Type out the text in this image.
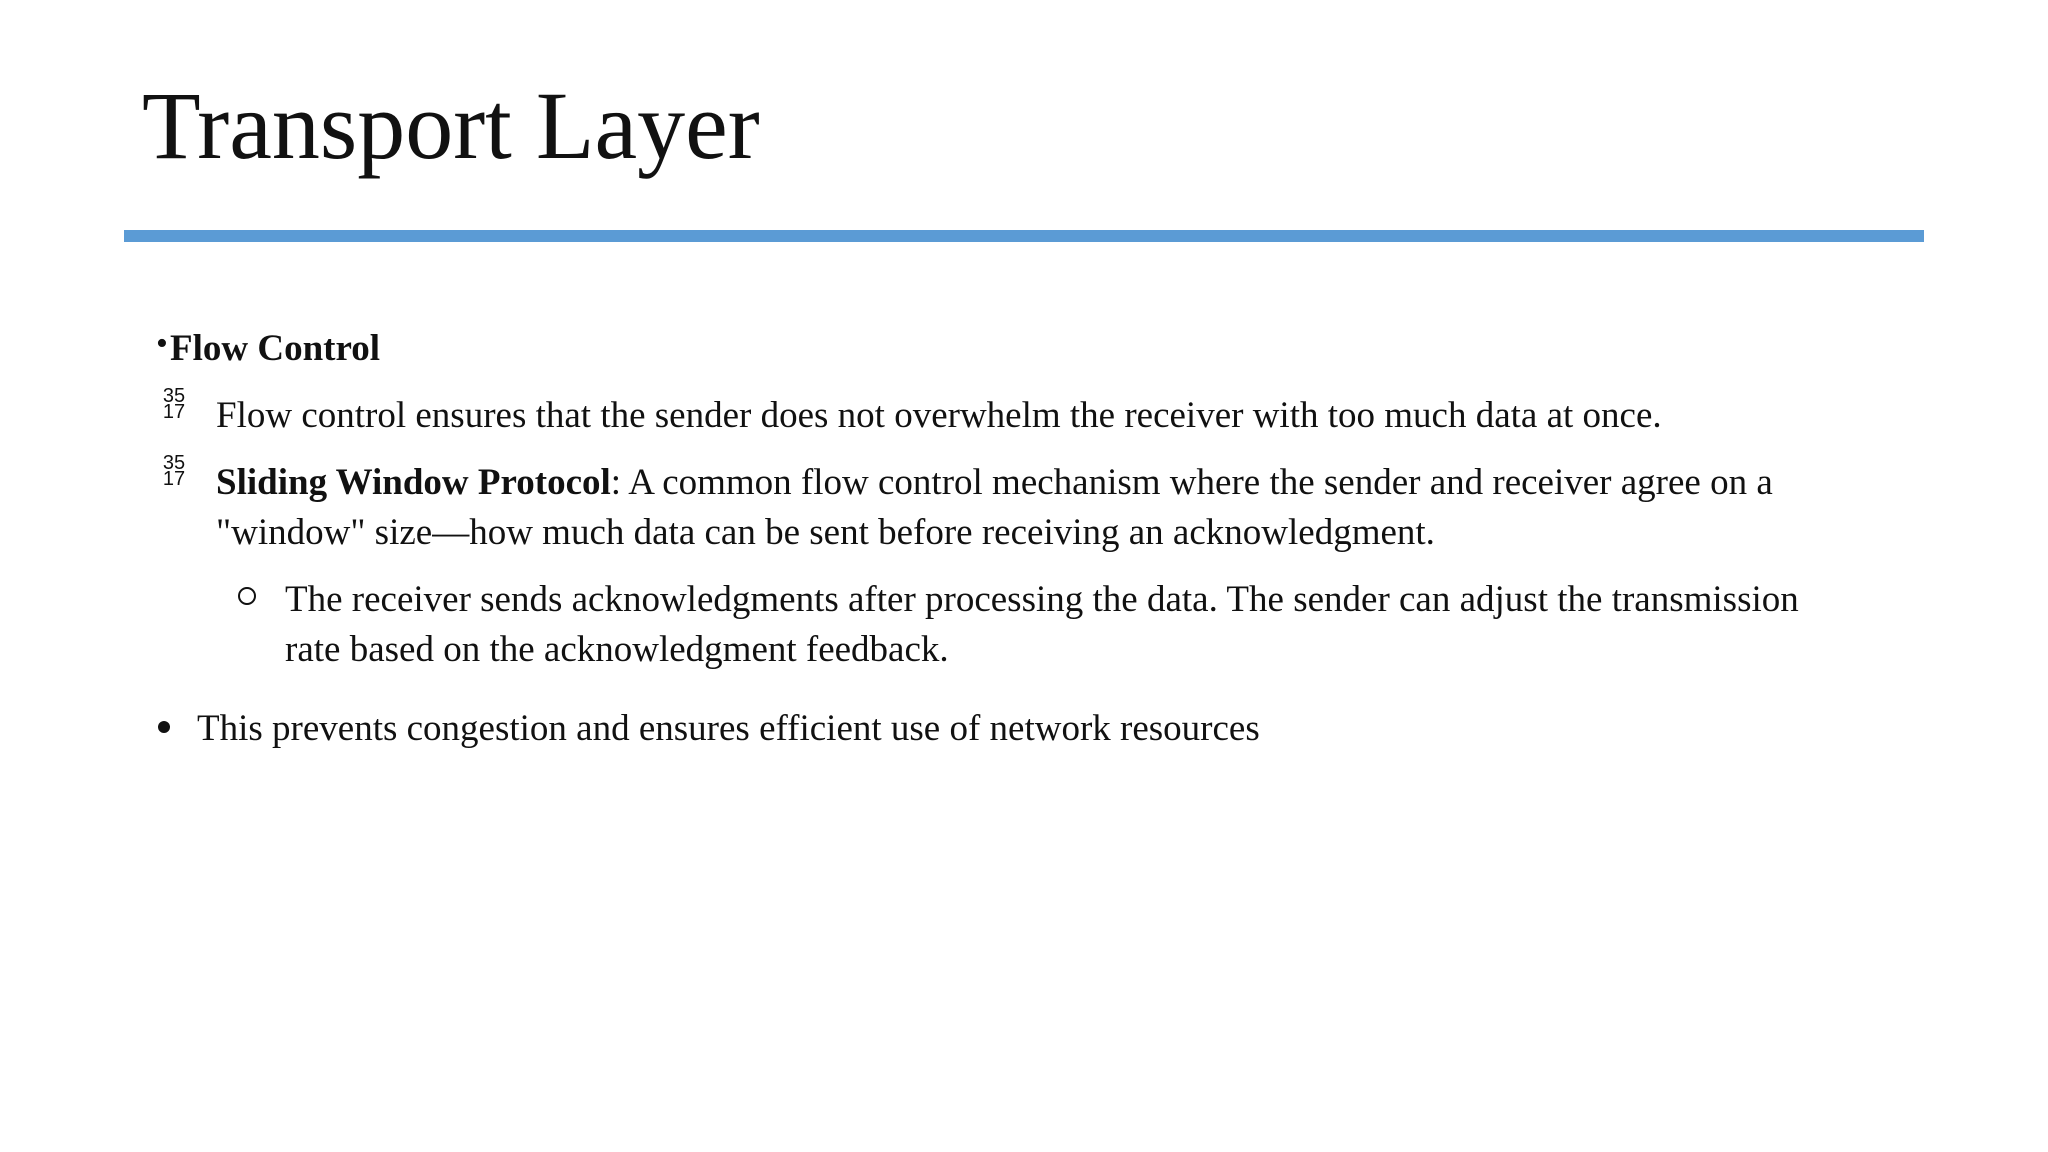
Transport Layer
• Flow Control
35
17 Flow control ensures that the sender does not overwhelm the receiver with too much data at once.
35
17 Sliding Window Protocol: A common flow control mechanism where the sender and receiver agree on a
"window" size—how much data can be sent before receiving an acknowledgment.
The receiver sends acknowledgments after processing the data. The sender can adjust the transmission
rate based on the acknowledgment feedback.
This prevents congestion and ensures efficient use of network resources
